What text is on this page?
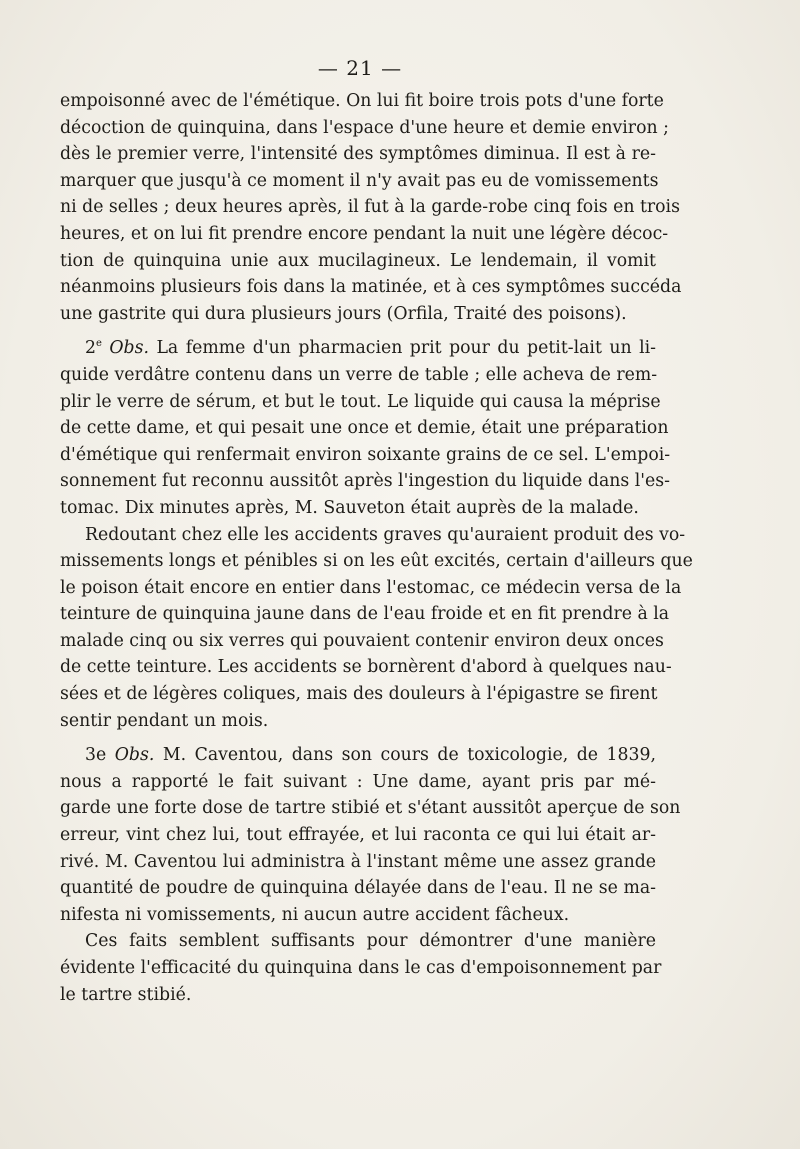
— 21 —
empoisonné avec de l'émétique. On lui fit boire trois pots d'une forte
décoction de quinquina, dans l'espace d'une heure et demie environ ;
dès le premier verre, l'intensité des symptômes diminua. Il est à re-
marquer que jusqu'à ce moment il n'y avait pas eu de vomissements
ni de selles ; deux heures après, il fut à la garde-robe cinq fois en trois
heures, et on lui fit prendre encore pendant la nuit une légère décoc-
tion de quinquina unie aux mucilagineux. Le lendemain, il vomit
néanmoins plusieurs fois dans la matinée, et à ces symptômes succéda
une gastrite qui dura plusieurs jours (Orfila, Traité des poisons).
2e Obs. La femme d'un pharmacien prit pour du petit-lait un li-
quide verdâtre contenu dans un verre de table ; elle acheva de rem-
plir le verre de sérum, et but le tout. Le liquide qui causa la méprise
de cette dame, et qui pesait une once et demie, était une préparation
d'émétique qui renfermait environ soixante grains de ce sel. L'empoi-
sonnement fut reconnu aussitôt après l'ingestion du liquide dans l'es-
tomac. Dix minutes après, M. Sauveton était auprès de la malade.
Redoutant chez elle les accidents graves qu'auraient produit des vo-
missements longs et pénibles si on les eût excités, certain d'ailleurs que
le poison était encore en entier dans l'estomac, ce médecin versa de la
teinture de quinquina jaune dans de l'eau froide et en fit prendre à la
malade cinq ou six verres qui pouvaient contenir environ deux onces
de cette teinture. Les accidents se bornèrent d'abord à quelques nau-
sées et de légères coliques, mais des douleurs à l'épigastre se firent
sentir pendant un mois.
3e Obs. M. Caventou, dans son cours de toxicologie, de 1839,
nous a rapporté le fait suivant : Une dame, ayant pris par mé-
garde une forte dose de tartre stibié et s'étant aussitôt aperçue de son
erreur, vint chez lui, tout effrayée, et lui raconta ce qui lui était ar-
rivé. M. Caventou lui administra à l'instant même une assez grande
quantité de poudre de quinquina délayée dans de l'eau. Il ne se ma-
nifesta ni vomissements, ni aucun autre accident fâcheux.
Ces faits semblent suffisants pour démontrer d'une manière
évidente l'efficacité du quinquina dans le cas d'empoisonnement par
le tartre stibié.
